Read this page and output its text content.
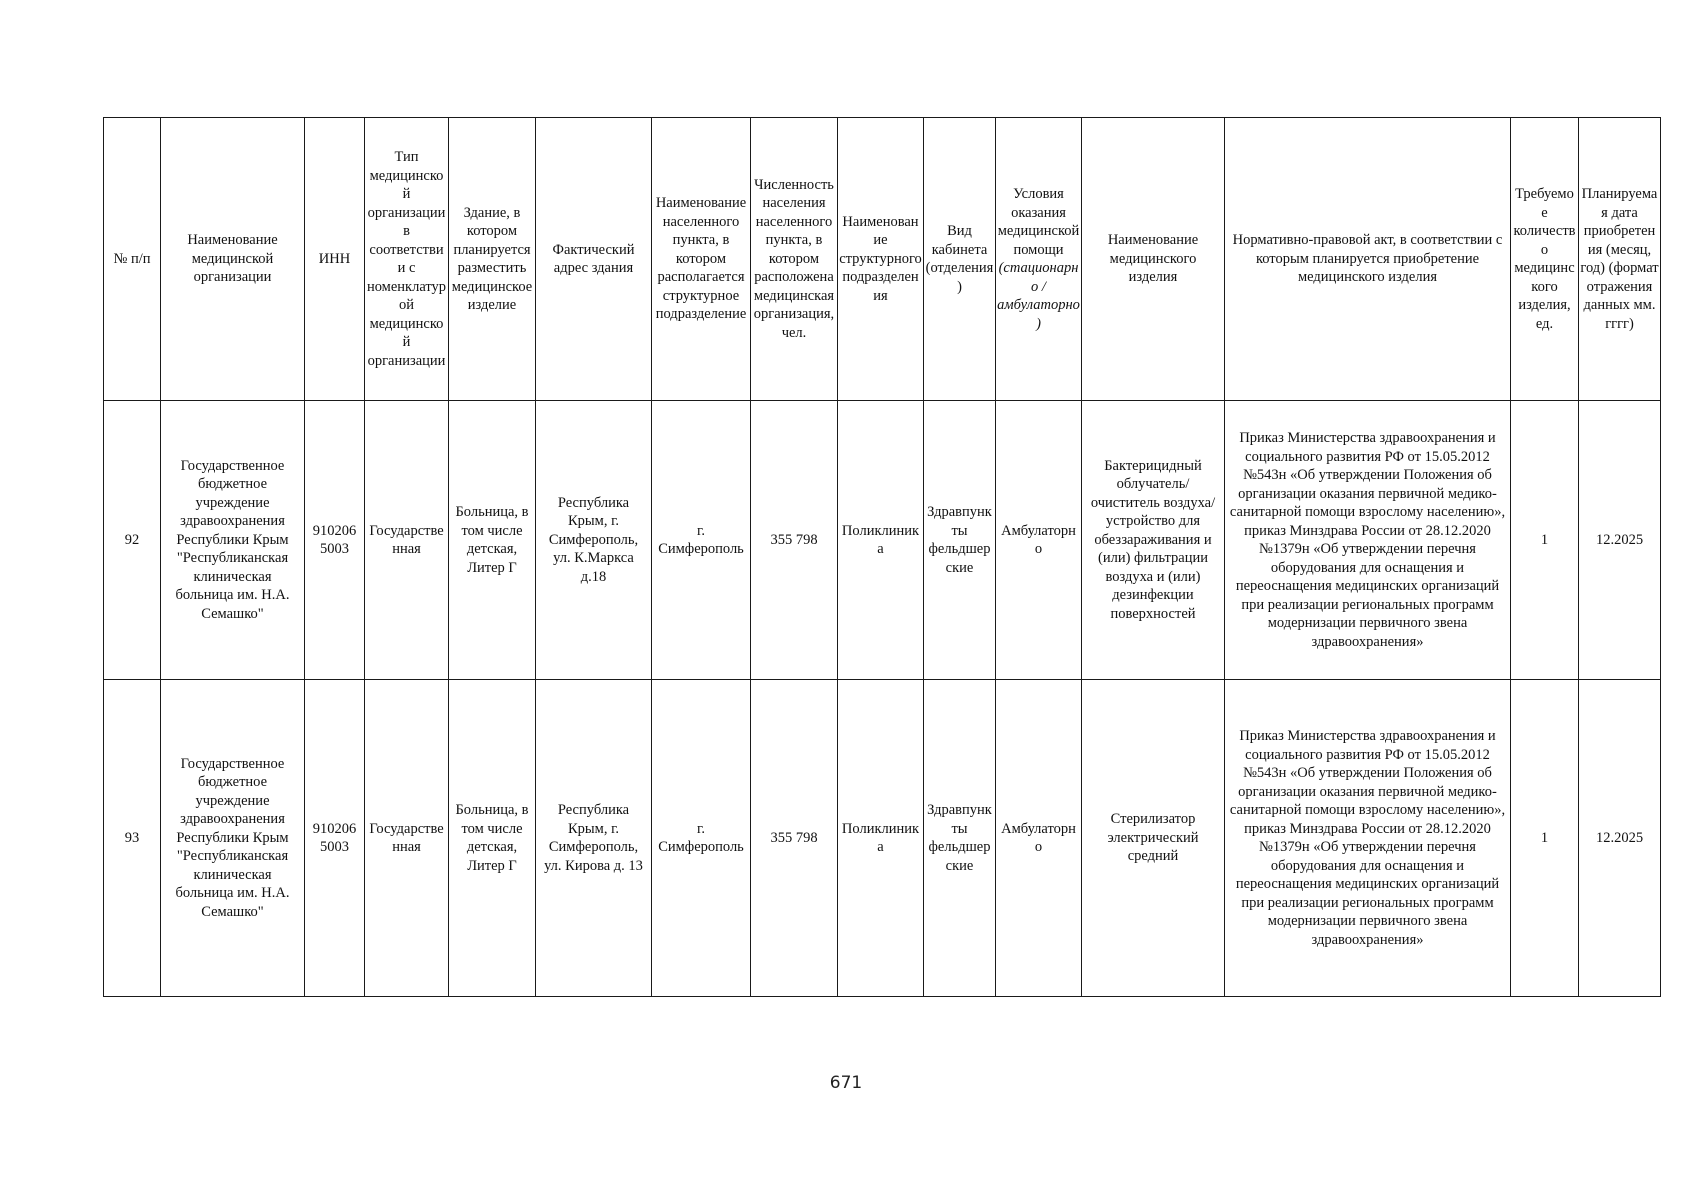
№ п/п	Наименование медицинской организации	ИНН	Тип медицинской организации в соответствии с номенклатурой медицинской организации	Здание, в котором планируется разместить медицинское изделие	Фактический адрес здания	Наименование населенного пункта, в котором располагается структурное подразделение	Численность населения населенного пункта, в котором расположена медицинская организация, чел.	Наименование структурного подразделения	Вид кабинета (отделения)	Условия оказания медицинской помощи (стационарно / амбулаторно)	Наименование медицинского изделия	Нормативно-правовой акт, в соответствии с которым планируется приобретение медицинского изделия	Требуемое количество медицинского изделия, ед.	Планируемая дата приобретения (месяц, год) (формат отражения данных мм. гггг)
92	Государственное бюджетное учреждение здравоохранения Республики Крым "Республиканская клиническая больница им. Н.А. Семашко"	910206 5003	Государственная	Больница, в том числе детская, Литер Г	Республика Крым, г. Симферополь, ул. К.Маркса д.18	г. Симферополь	355 798	Поликлиника	Здравпункты фельдшерские	Амбулаторно	Бактерицидный облучатель/ очиститель воздуха/ устройство для обеззараживания и (или) фильтрации воздуха и (или) дезинфекции поверхностей	Приказ Министерства здравоохранения и социального развития РФ от 15.05.2012 №543н «Об утверждении Положения об организации оказания первичной медико-санитарной помощи взрослому населению», приказ Минздрава России от 28.12.2020 №1379н «Об утверждении перечня оборудования для оснащения и переоснащения медицинских организаций при реализации региональных программ модернизации первичного звена здравоохранения»	1	12.2025
93	Государственное бюджетное учреждение здравоохранения Республики Крым "Республиканская клиническая больница им. Н.А. Семашко"	910206 5003	Государственная	Больница, в том числе детская, Литер Г	Республика Крым, г. Симферополь, ул. Кирова д. 13	г. Симферополь	355 798	Поликлиника	Здравпункты фельдшерские	Амбулаторно	Стерилизатор электрический средний	Приказ Министерства здравоохранения и социального развития РФ от 15.05.2012 №543н «Об утверждении Положения об организации оказания первичной медико-санитарной помощи взрослому населению», приказ Минздрава России от 28.12.2020 №1379н «Об утверждении перечня оборудования для оснащения и переоснащения медицинских организаций при реализации региональных программ модернизации первичного звена здравоохранения»	1	12.2025
671
